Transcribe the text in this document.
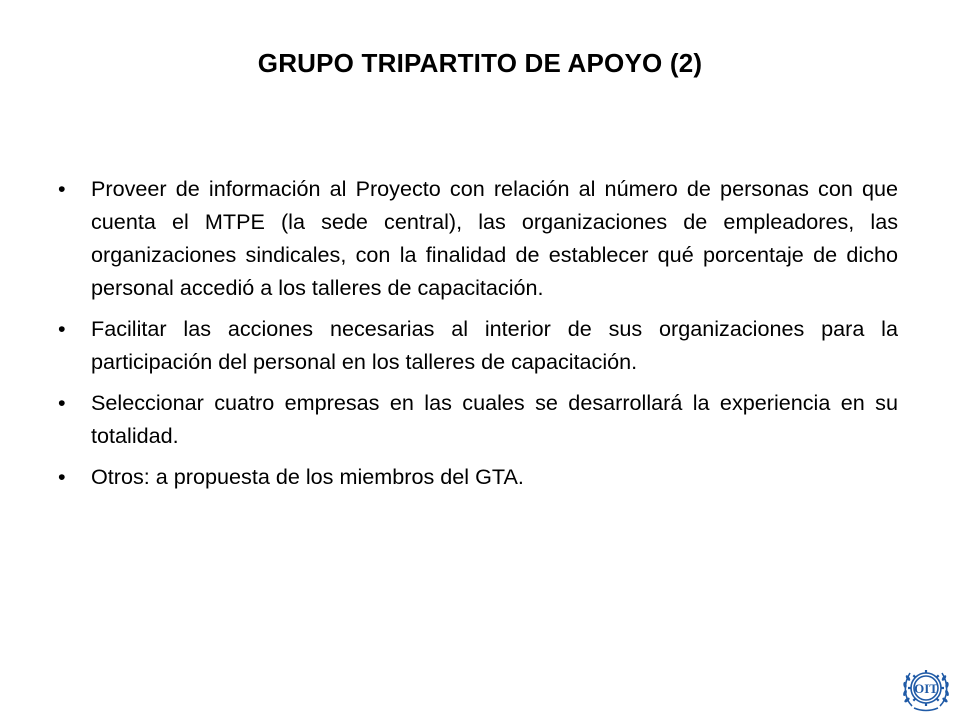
GRUPO TRIPARTITO DE APOYO (2)
• Proveer de información al Proyecto con relación al número de personas con que cuenta el MTPE (la sede central), las organizaciones de empleadores, las organizaciones sindicales, con la finalidad de establecer qué porcentaje de dicho personal accedió a los talleres de capacitación.
• Facilitar las acciones necesarias al interior de sus organizaciones para la participación del personal en los talleres de capacitación.
• Seleccionar cuatro empresas en las cuales se desarrollará la experiencia en su totalidad.
• Otros: a propuesta de los miembros del GTA.
OIT
